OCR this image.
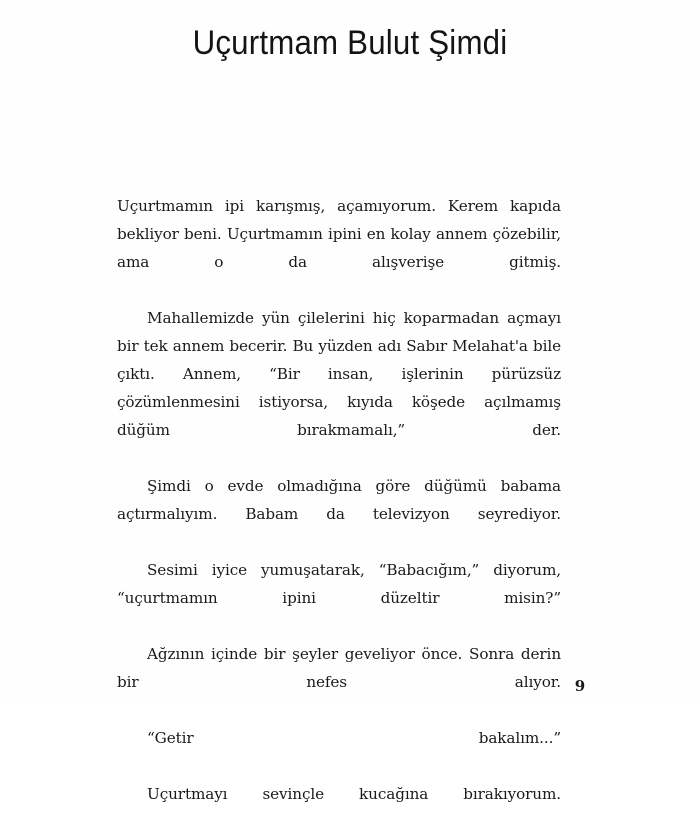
Uçurtmam Bulut Şimdi

Uçurtmamın ipi karışmış, açamıyorum. Kerem kapıda bekliyor beni. Uçurtmamın ipini en kolay annem çözebilir, ama o da alışverişe gitmiş.

Mahallemizde yün çilelerini hiç koparmadan açmayı bir tek annem becerir. Bu yüzden adı Sabır Melahat'a bile çıktı. Annem, “Bir insan, işlerinin pürüzsüz çözümlenmesini istiyorsa, kıyıda köşede açılmamış düğüm bırakmamalı,” der.

Şimdi o evde olmadığına göre düğümü babama açtırmalıyım. Babam da televizyon seyrediyor.

Sesimi iyice yumuşatarak, “Babacığım,” diyorum, “uçurtmamın ipini düzeltir misin?”

Ağzının içinde bir şeyler geveliyor önce. Sonra derin bir nefes alıyor.

“Getir bakalım...”

Uçurtmayı sevinçle kucağına bırakıyorum.

9
